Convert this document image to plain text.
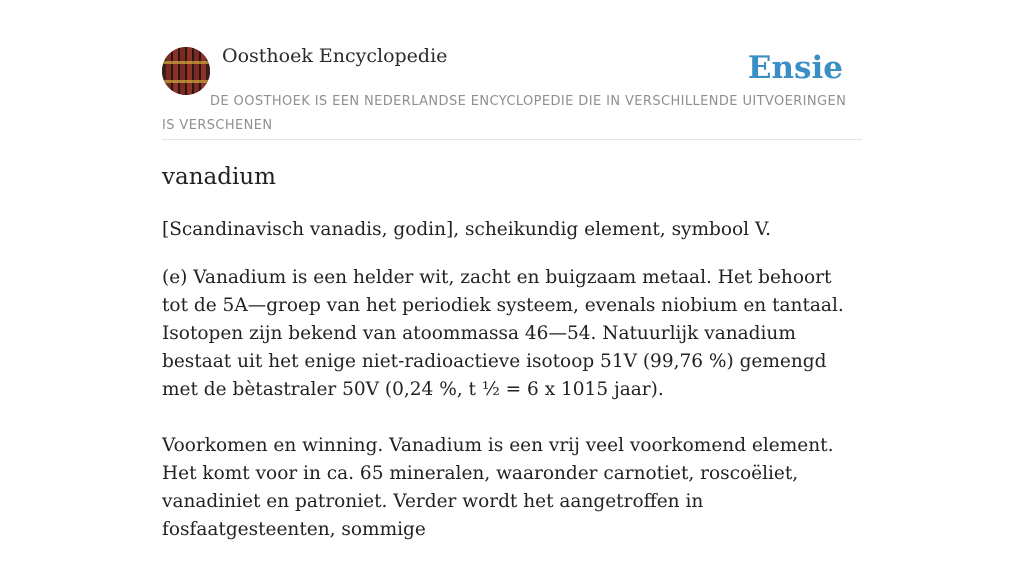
Oosthoek Encyclopedie	Ensie
DE OOSTHOEK IS EEN NEDERLANDSE ENCYCLOPEDIE DIE IN VERSCHILLENDE UITVOERINGEN IS VERSCHENEN
vanadium

[Scandinavisch vanadis, godin], scheikundig element, symbool V.

(e) Vanadium is een helder wit, zacht en buigzaam metaal. Het behoort tot de 5A—groep van het periodiek systeem, evenals niobium en tantaal. Isotopen zijn bekend van atoommassa 46—54. Natuurlijk vanadium bestaat uit het enige niet-radioactieve isotoop 51V (99,76 %) gemengd met de bètastraler 50V (0,24 %, t ½ = 6 x 1015 jaar).

Voorkomen en winning. Vanadium is een vrij veel voorkomend element. Het komt voor in ca. 65 mineralen, waaronder carnotiet, roscoëliet, vanadiniet en patroniet. Verder wordt het aangetroffen in fosfaatgesteenten, sommige
